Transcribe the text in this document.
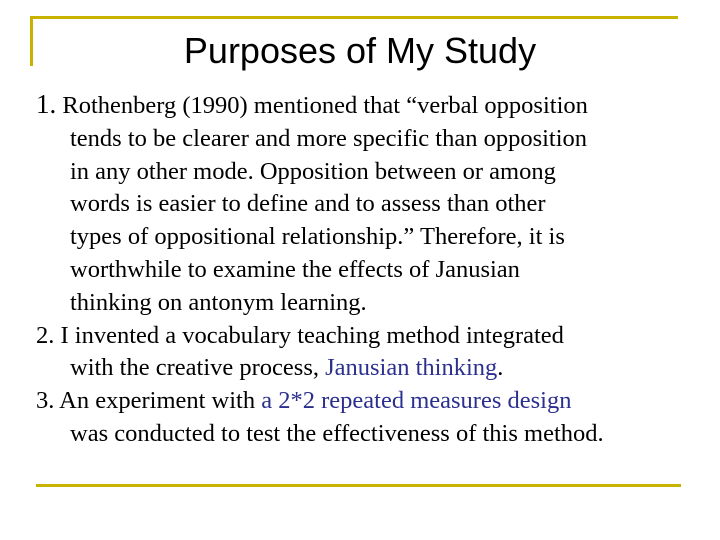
Purposes of My Study
1. Rothenberg (1990) mentioned that “verbal opposition
tends to be clearer and more specific than opposition
in any other mode. Opposition between or among
words is easier to define and to assess than other
types of oppositional relationship.” Therefore, it is
worthwhile to examine the effects of Janusian
thinking on antonym learning.
2. I invented a vocabulary teaching method integrated
with the creative process, Janusian thinking.
3. An experiment with a 2*2 repeated measures design
was conducted to test the effectiveness of this method.
